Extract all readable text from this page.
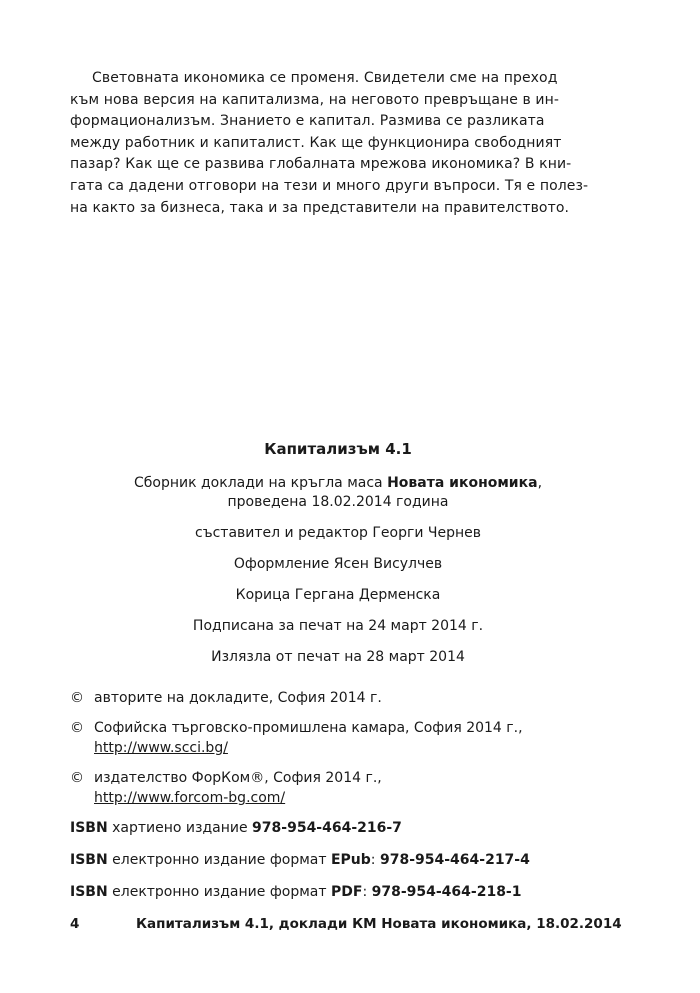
Световната икономика се променя. Свидетели сме на преход

към нова версия на капитализма, на неговото превръщане в ин-

формационализъм. Знанието е капитал. Размива се разликата

между работник и капиталист. Как ще функционира свободният

пазар? Как ще се развива глобалната мрежова икономика? В кни-

гата са дадени отговори на тези и много други въпроси. Тя е полез-

на както за бизнеса, така и за представители на правителството.

Капитализъм 4.1
Сборник доклади на кръгла маса Новата икономика,
проведена 18.02.2014 година
съставител и редактор Георги Чернев
Оформление Ясен Висулчев
Корица Гергана Дерменска
Подписана за печат на 24 март 2014 г.
Излязла от печат на 28 март 2014
© авторите на докладите, София 2014 г.
© Софийска търговско-промишлена камара, София 2014 г.,
http://www.scci.bg/
© издателство ФорКом®, София 2014 г.,
http://www.forcom-bg.com/
ISBN хартиено издание 978-954-464-216-7
ISBN електронно издание формат EPub: 978-954-464-217-4
ISBN електронно издание формат PDF: 978-954-464-218-1
4	Капитализъм 4.1, доклади КМ Новата икономика, 18.02.2014
